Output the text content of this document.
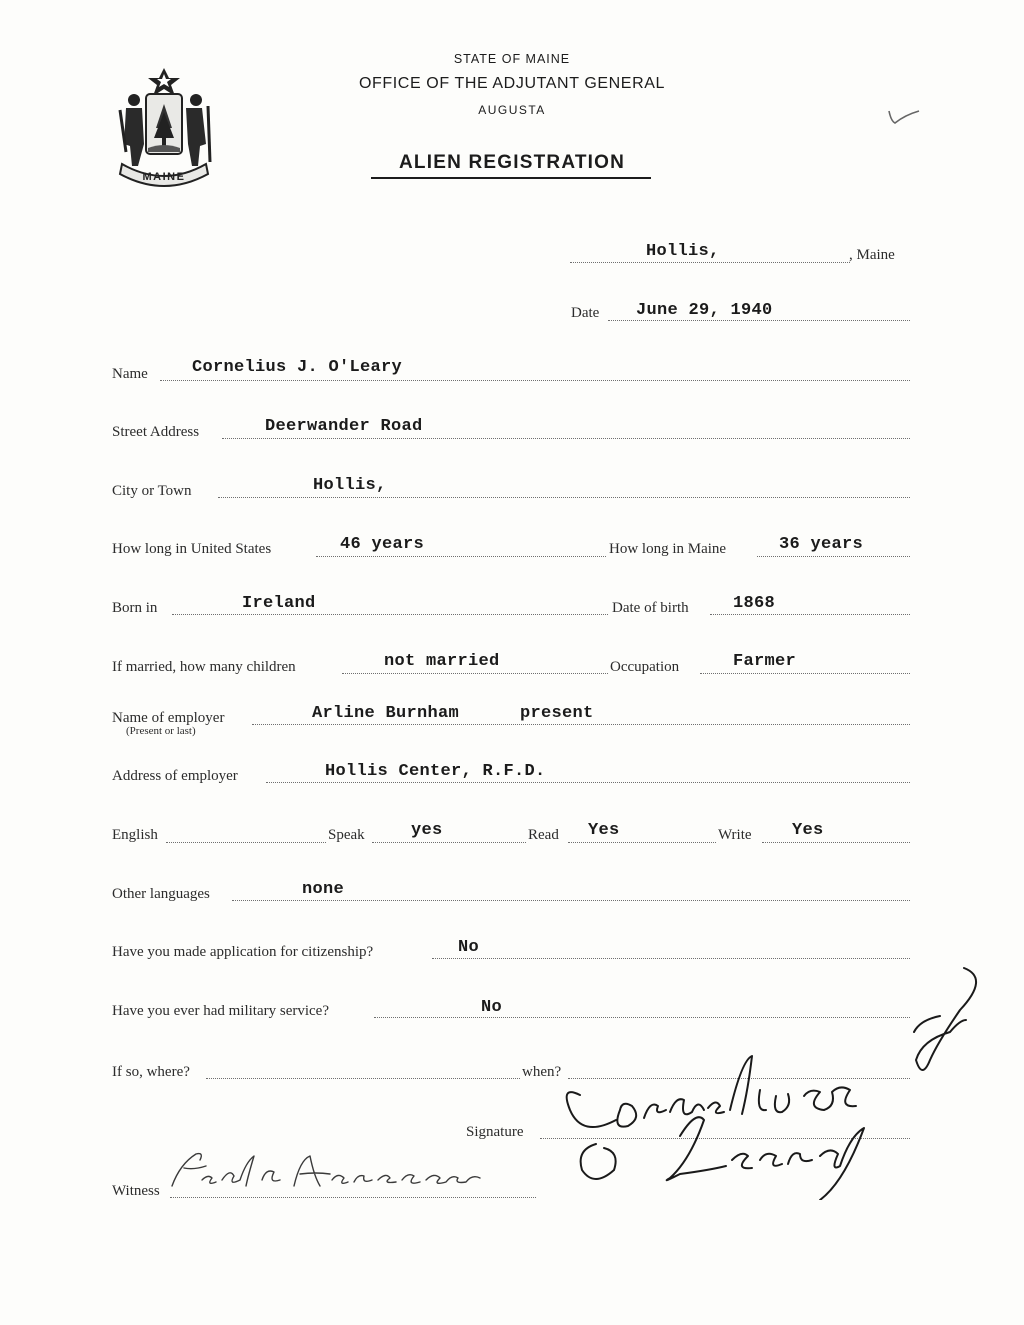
MAINE
STATE OF MAINE
OFFICE OF THE ADJUTANT GENERAL
AUGUSTA
ALIEN REGISTRATION
Hollis,	, Maine
Date June 29, 1940
Name	Cornelius J. O'Leary
Street Address	Deerwander Road
City or Town	Hollis,
How long in United States	46 years	How long in Maine	36 years
Born in	Ireland	Date of birth	1868
If married, how many children	not married	Occupation	Farmer
Name of employer
(Present or last)
Arline Burnham	present
Address of employer	Hollis Center, R.F.D.
English	Speak	yes	Read Yes	Write Yes
Other languages	none
Have you made application for citizenship?	No
Have you ever had military service?	No
If so, where?	when?
Signature
Witness
